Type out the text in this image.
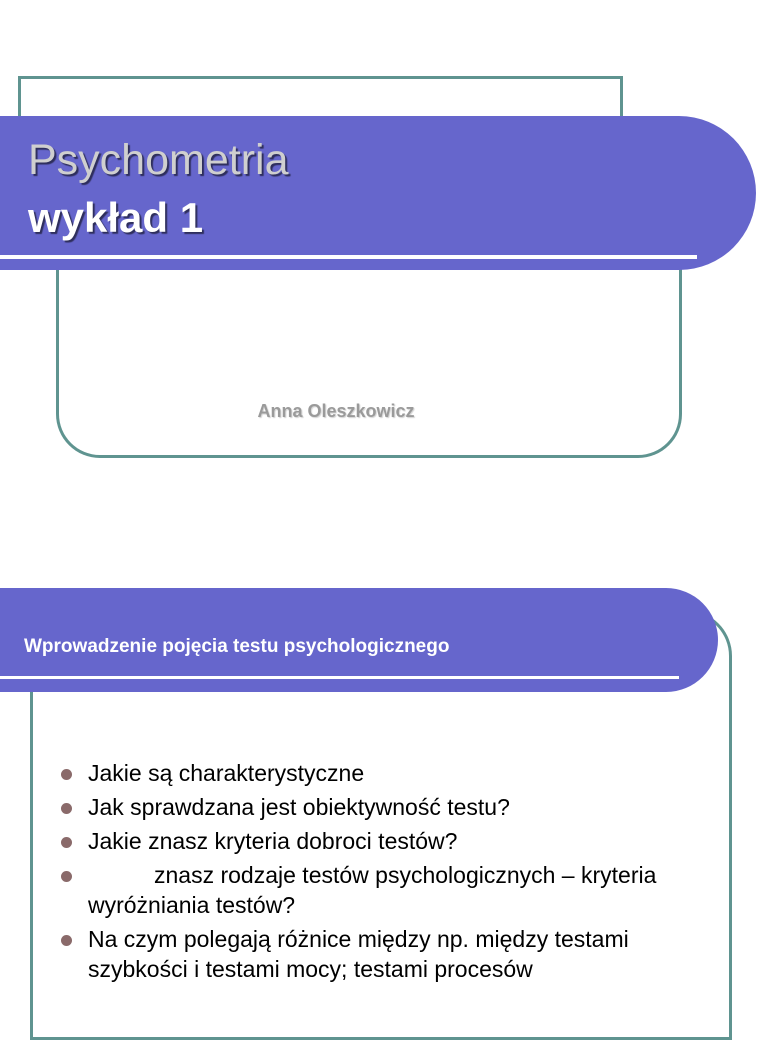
Psychometria
wykład 1
Anna Oleszkowicz
Wprowadzenie pojęcia testu psychologicznego
Jakie są charakterystyczne
Jak sprawdzana jest obiektywność testu?
Jakie znasz kryteria dobroci testów?
znasz rodzaje testów psychologicznych – kryteria wyróżniania testów?
Na czym polegają różnice między np. między testami szybkości i testami mocy; testami procesów
